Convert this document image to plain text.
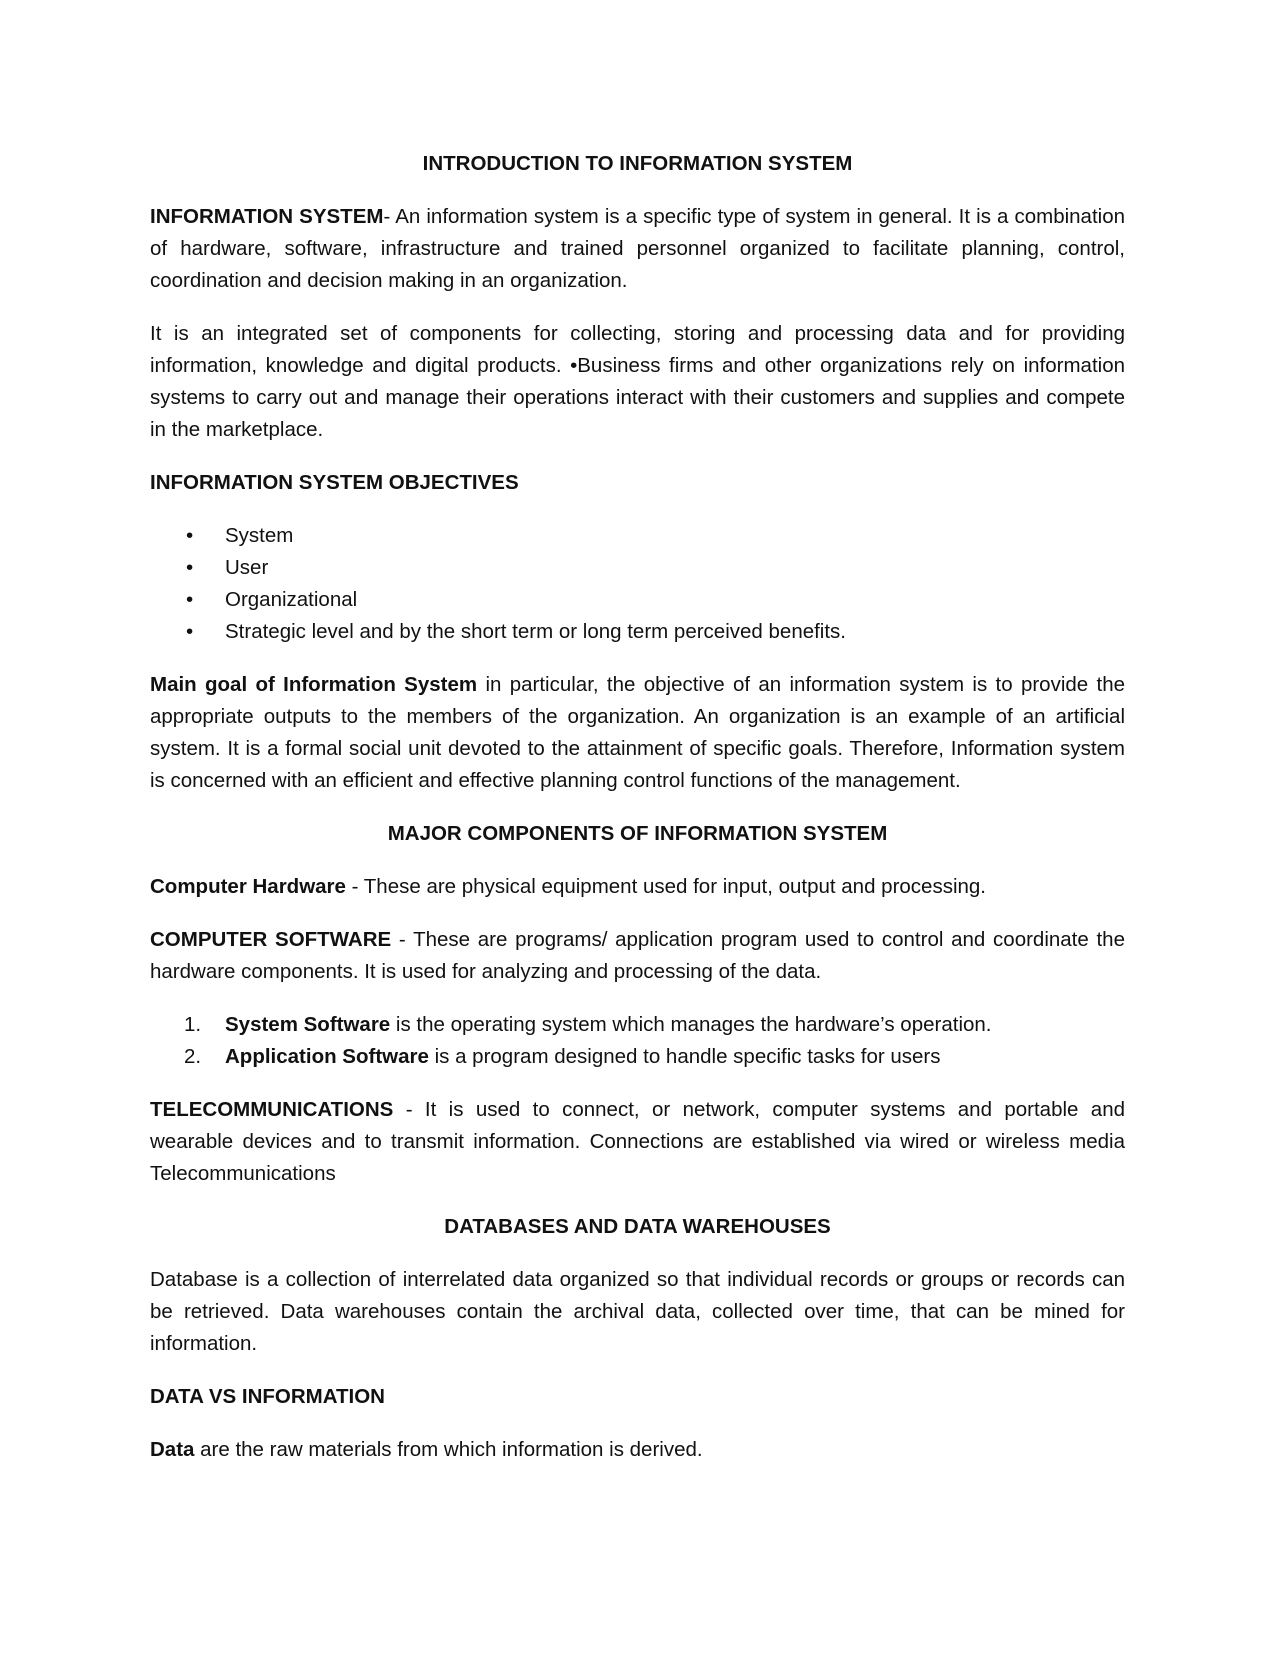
INTRODUCTION TO INFORMATION SYSTEM

INFORMATION SYSTEM- An information system is a specific type of system in general. It is a combination of hardware, software, infrastructure and trained personnel organized to facilitate planning, control, coordination and decision making in an organization.

It is an integrated set of components for collecting, storing and processing data and for providing information, knowledge and digital products. •Business firms and other organizations rely on information systems to carry out and manage their operations interact with their customers and supplies and compete in the marketplace.

INFORMATION SYSTEM OBJECTIVES

• System
• User
• Organizational
• Strategic level and by the short term or long term perceived benefits.

Main goal of Information System in particular, the objective of an information system is to provide the appropriate outputs to the members of the organization. An organization is an example of an artificial system. It is a formal social unit devoted to the attainment of specific goals. Therefore, Information system is concerned with an efficient and effective planning control functions of the management.

MAJOR COMPONENTS OF INFORMATION SYSTEM

Computer Hardware - These are physical equipment used for input, output and processing.

COMPUTER SOFTWARE - These are programs/ application program used to control and coordinate the hardware components. It is used for analyzing and processing of the data.

1. System Software is the operating system which manages the hardware’s operation.
2. Application Software is a program designed to handle specific tasks for users

TELECOMMUNICATIONS - It is used to connect, or network, computer systems and portable and wearable devices and to transmit information. Connections are established via wired or wireless media Telecommunications

DATABASES AND DATA WAREHOUSES

Database is a collection of interrelated data organized so that individual records or groups or records can be retrieved. Data warehouses contain the archival data, collected over time, that can be mined for information.

DATA VS INFORMATION

Data are the raw materials from which information is derived.
